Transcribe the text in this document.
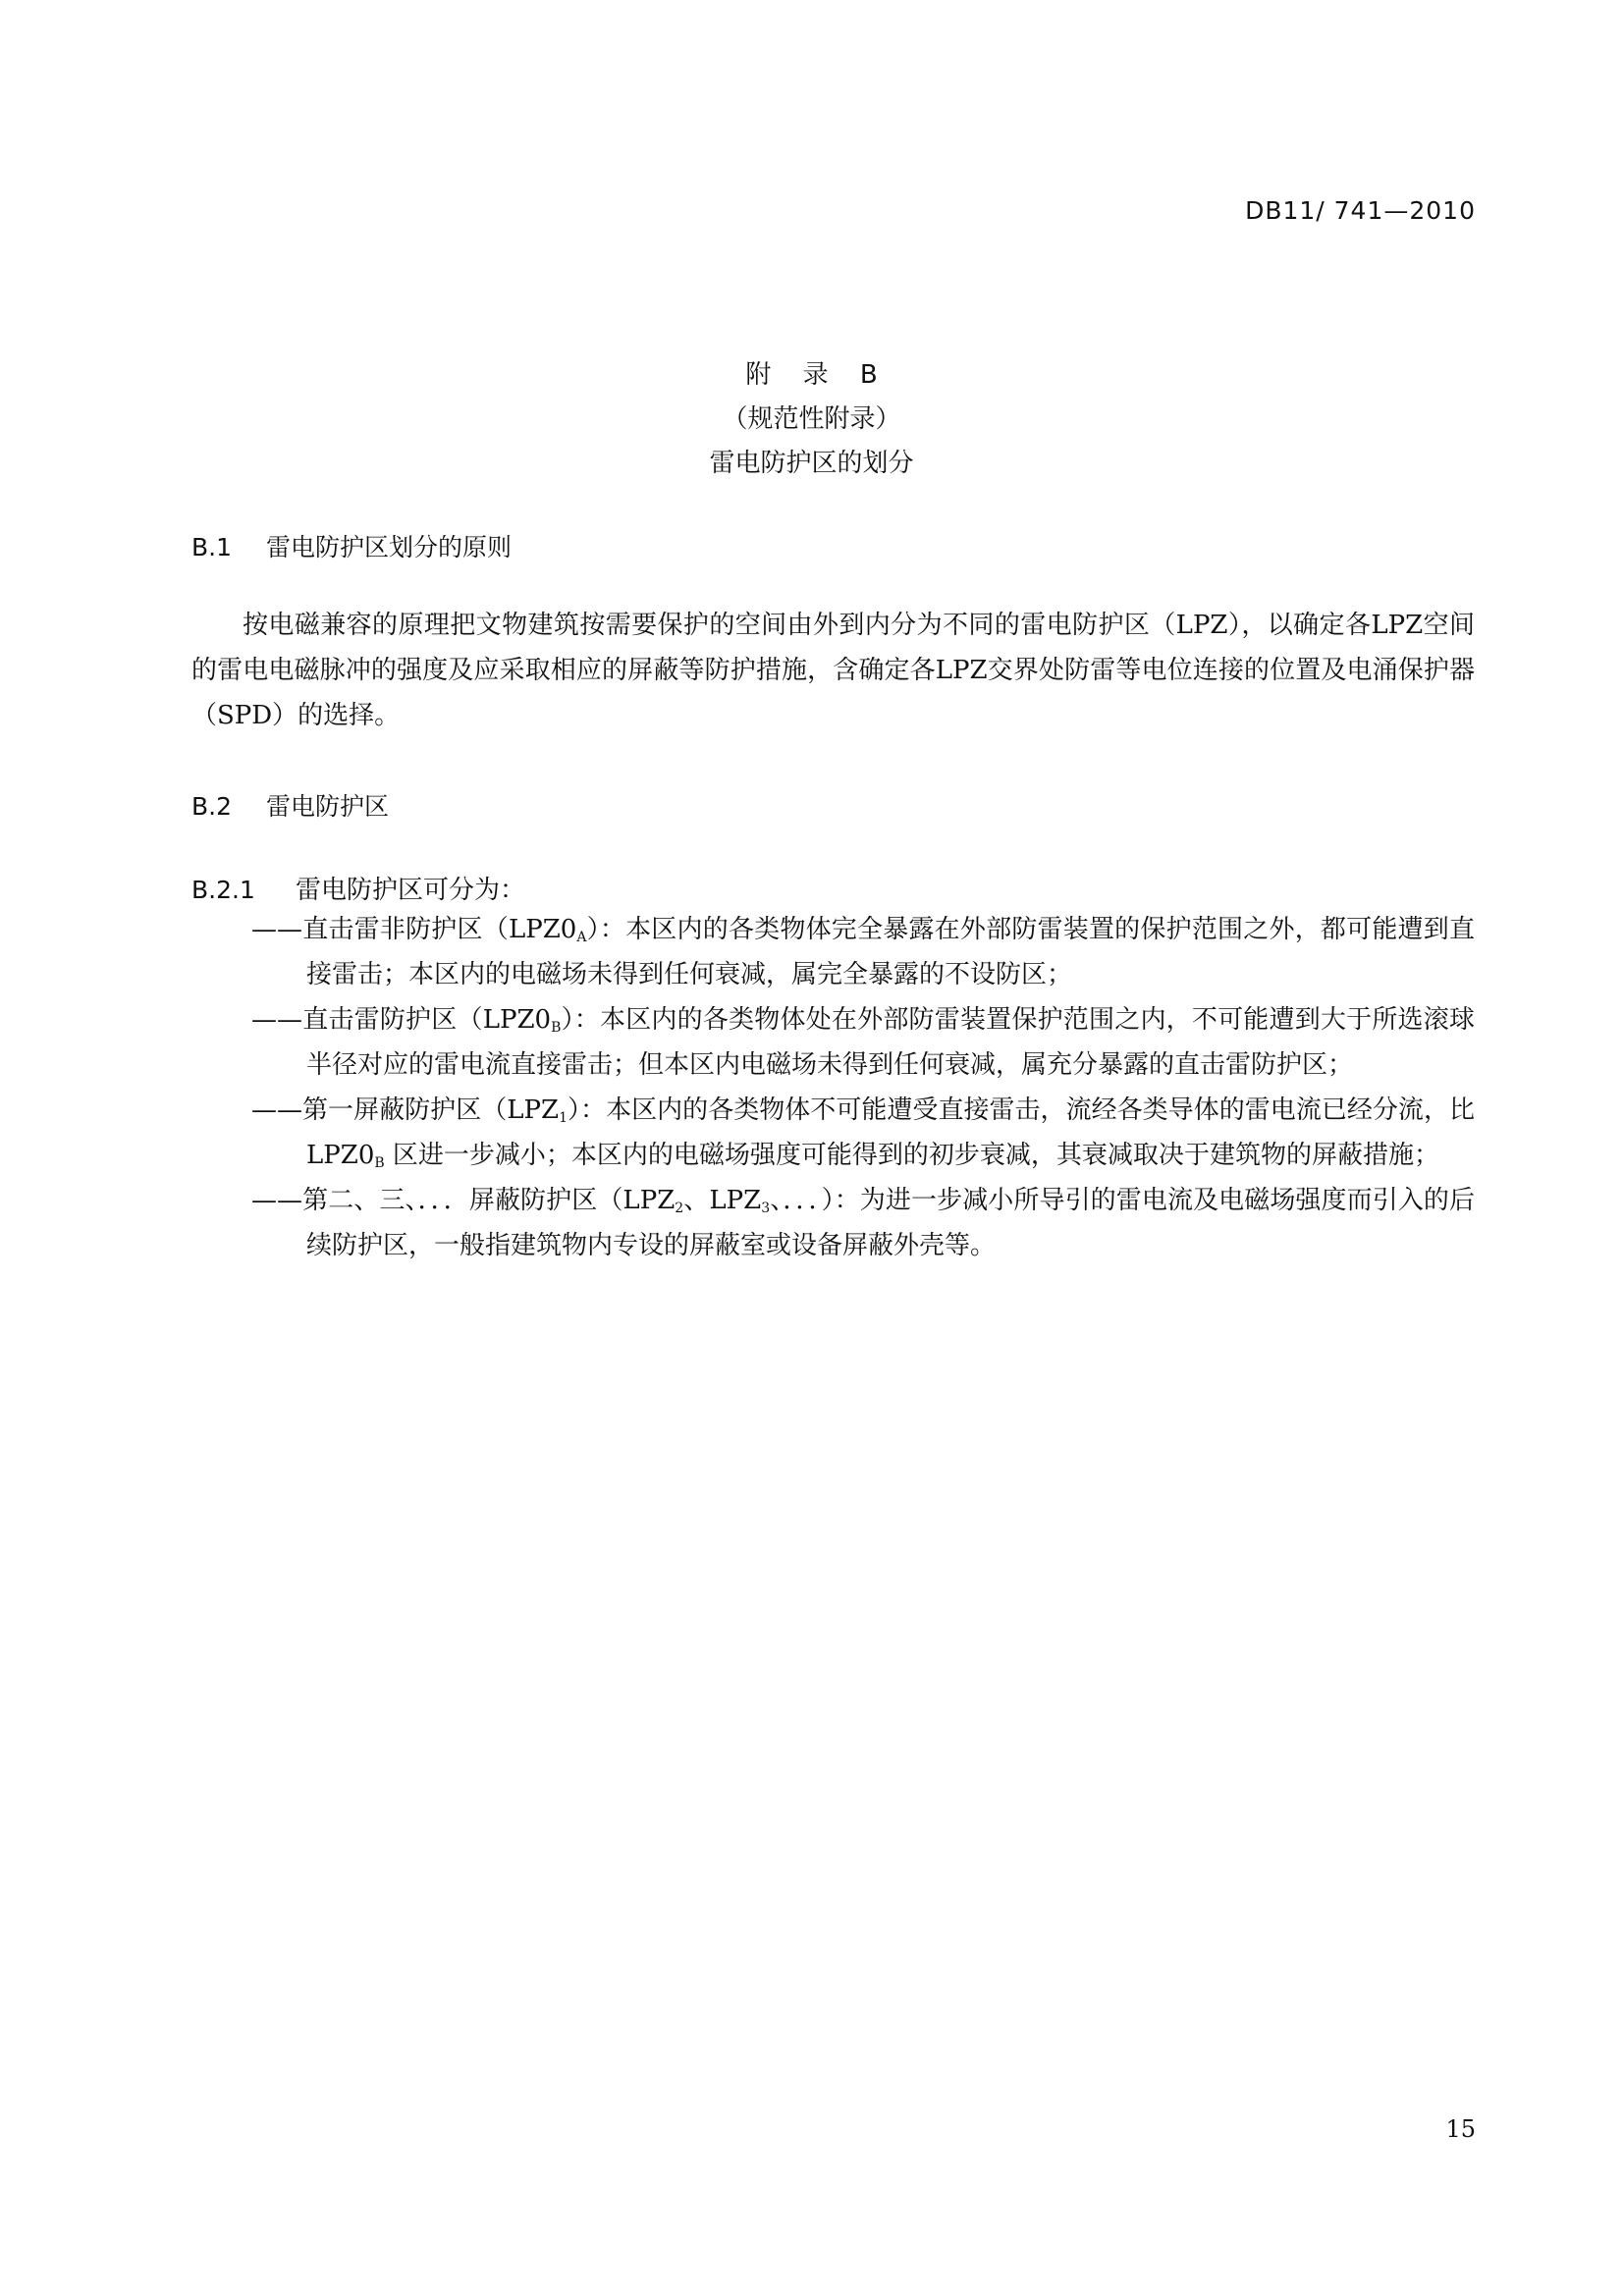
DB11/ 741—2010
附 录 B
（规范性附录）
雷电防护区的划分
B.1 雷电防护区划分的原则
按电磁兼容的原理把文物建筑按需要保护的空间由外到内分为不同的雷电防护区（LPZ），以确定各LPZ空间的雷电电磁脉冲的强度及应采取相应的屏蔽等防护措施，含确定各LPZ交界处防雷等电位连接的位置及电涌保护器（SPD）的选择。
B.2 雷电防护区
B.2.1 雷电防护区可分为：
——直击雷非防护区$(LPZ0_A)$：本区内的各类物体完全暴露在外部防雷装置的保护范围之外，都可能遭到直接雷击；本区内的电磁场未得到任何衰减，属完全暴露的不设防区；
——直击雷防护区$(LPZ0_B)$：本区内的各类物体处在外部防雷装置保护范围之内，不可能遭到大于所选滚球半径对应的雷电流直接雷击；但本区内电磁场未得到任何衰减，属充分暴露的直击雷防护区；
——第一屏蔽防护区$(LPZ_1)$：本区内的各类物体不可能遭受直接雷击，流经各类导体的雷电流已经分流，比 $LPZ0_B$ 区进一步减小；本区内的电磁场强度可能得到的初步衰减，其衰减取决于建筑物的屏蔽措施；
——第二、三、．．．屏蔽防护区（$LPZ_2$、$LPZ_3$、．．．）：为进一步减小所导引的雷电流及电磁场强度而引入的后续防护区，一般指建筑物内专设的屏蔽室或设备屏蔽外壳等。
15
